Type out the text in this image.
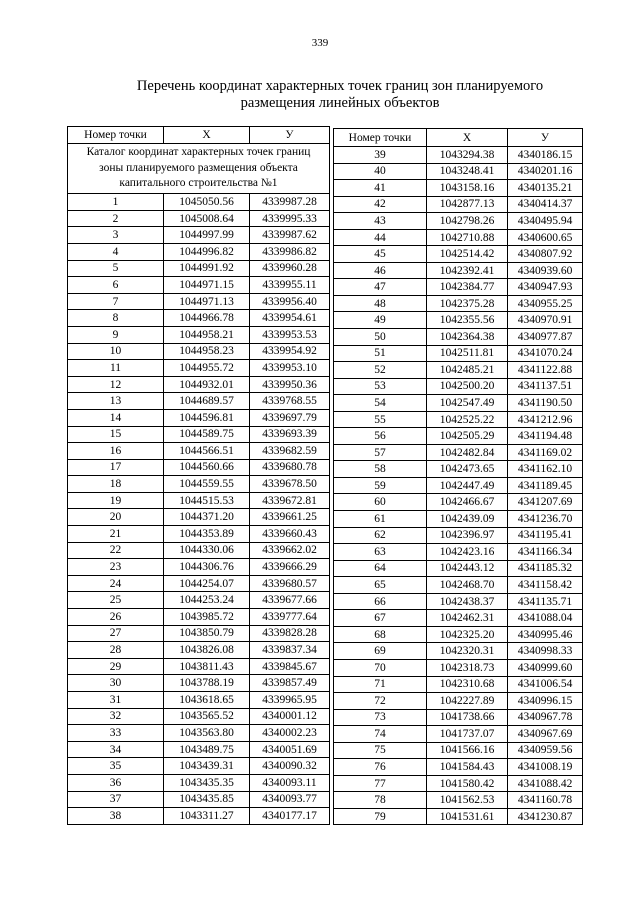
339
Перечень координат характерных точек границ зон планируемого
размещения линейных объектов
Номер точки	X	У
Каталог координат характерных точек границ зоны планируемого размещения объекта капитального строительства №1		
1	1045050.56	4339987.28
2	1045008.64	4339995.33
3	1044997.99	4339987.62
4	1044996.82	4339986.82
5	1044991.92	4339960.28
6	1044971.15	4339955.11
7	1044971.13	4339956.40
8	1044966.78	4339954.61
9	1044958.21	4339953.53
10	1044958.23	4339954.92
11	1044955.72	4339953.10
12	1044932.01	4339950.36
13	1044689.57	4339768.55
14	1044596.81	4339697.79
15	1044589.75	4339693.39
16	1044566.51	4339682.59
17	1044560.66	4339680.78
18	1044559.55	4339678.50
19	1044515.53	4339672.81
20	1044371.20	4339661.25
21	1044353.89	4339660.43
22	1044330.06	4339662.02
23	1044306.76	4339666.29
24	1044254.07	4339680.57
25	1044253.24	4339677.66
26	1043985.72	4339777.64
27	1043850.79	4339828.28
28	1043826.08	4339837.34
29	1043811.43	4339845.67
30	1043788.19	4339857.49
31	1043618.65	4339965.95
32	1043565.52	4340001.12
33	1043563.80	4340002.23
34	1043489.75	4340051.69
35	1043439.31	4340090.32
36	1043435.35	4340093.11
37	1043435.85	4340093.77
38	1043311.27	4340177.17
Номер точки	X	У
39	1043294.38	4340186.15
40	1043248.41	4340201.16
41	1043158.16	4340135.21
42	1042877.13	4340414.37
43	1042798.26	4340495.94
44	1042710.88	4340600.65
45	1042514.42	4340807.92
46	1042392.41	4340939.60
47	1042384.77	4340947.93
48	1042375.28	4340955.25
49	1042355.56	4340970.91
50	1042364.38	4340977.87
51	1042511.81	4341070.24
52	1042485.21	4341122.88
53	1042500.20	4341137.51
54	1042547.49	4341190.50
55	1042525.22	4341212.96
56	1042505.29	4341194.48
57	1042482.84	4341169.02
58	1042473.65	4341162.10
59	1042447.49	4341189.45
60	1042466.67	4341207.69
61	1042439.09	4341236.70
62	1042396.97	4341195.41
63	1042423.16	4341166.34
64	1042443.12	4341185.32
65	1042468.70	4341158.42
66	1042438.37	4341135.71
67	1042462.31	4341088.04
68	1042325.20	4340995.46
69	1042320.31	4340998.33
70	1042318.73	4340999.60
71	1042310.68	4341006.54
72	1042227.89	4340996.15
73	1041738.66	4340967.78
74	1041737.07	4340967.69
75	1041566.16	4340959.56
76	1041584.43	4341008.19
77	1041580.42	4341088.42
78	1041562.53	4341160.78
79	1041531.61	4341230.87
